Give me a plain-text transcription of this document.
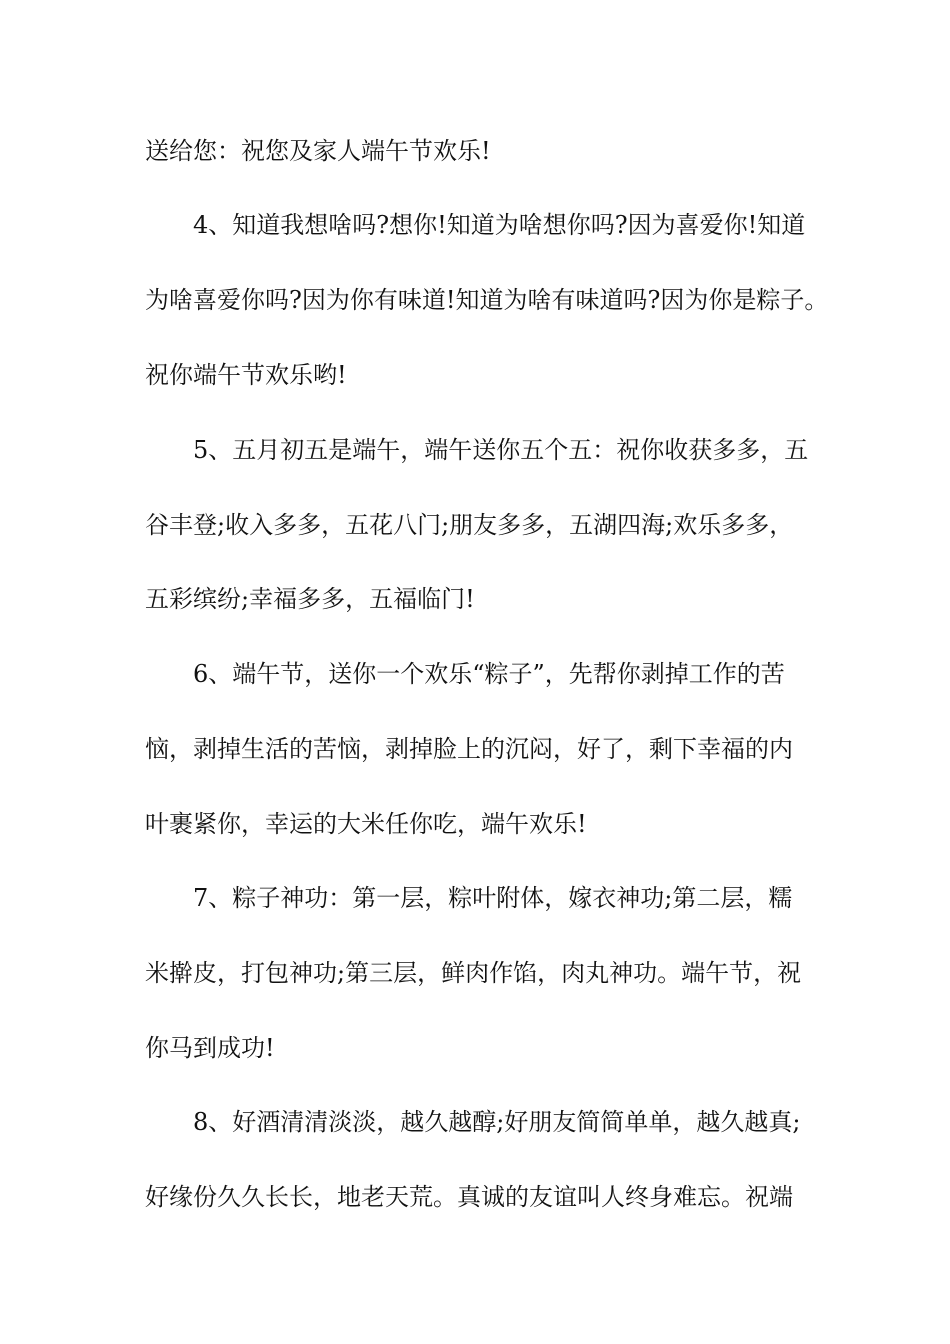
送给您：祝您及家人端午节欢乐!
4、知道我想啥吗?想你!知道为啥想你吗?因为喜爱你!知道
为啥喜爱你吗?因为你有味道!知道为啥有味道吗?因为你是粽子。
祝你端午节欢乐哟!
5、五月初五是端午，端午送你五个五：祝你收获多多，五
谷丰登;收入多多，五花八门;朋友多多，五湖四海;欢乐多多，
五彩缤纷;幸福多多，五福临门!
6、端午节，送你一个欢乐“粽子”，先帮你剥掉工作的苦
恼，剥掉生活的苦恼，剥掉脸上的沉闷，好了，剩下幸福的内
叶裹紧你，幸运的大米任你吃，端午欢乐!
7、粽子神功：第一层，粽叶附体，嫁衣神功;第二层，糯
米擀皮，打包神功;第三层，鲜肉作馅，肉丸神功。端午节，祝
你马到成功!
8、好酒清清淡淡，越久越醇;好朋友简简单单，越久越真;
好缘份久久长长，地老天荒。真诚的友谊叫人终身难忘。祝端
